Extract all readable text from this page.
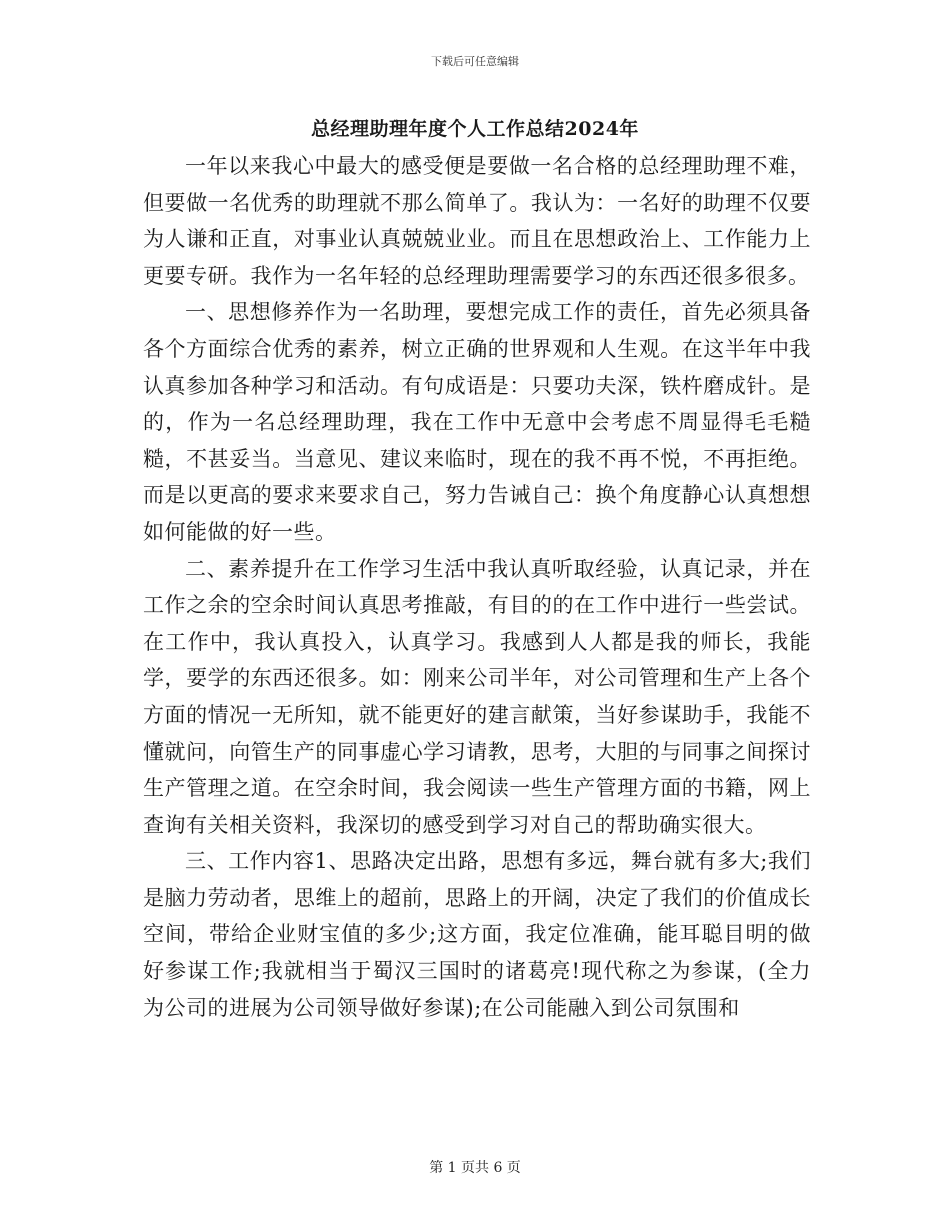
下载后可任意编辑
总经理助理年度个人工作总结2024年

一年以来我心中最大的感受便是要做一名合格的总经理助理不难，但要做一名优秀的助理就不那么简单了。我认为：一名好的助理不仅要为人谦和正直，对事业认真兢兢业业。而且在思想政治上、工作能力上更要专研。我作为一名年轻的总经理助理需要学习的东西还很多很多。

一、思想修养作为一名助理，要想完成工作的责任，首先必须具备各个方面综合优秀的素养，树立正确的世界观和人生观。在这半年中我认真参加各种学习和活动。有句成语是：只要功夫深，铁杵磨成针。是的，作为一名总经理助理，我在工作中无意中会考虑不周显得毛毛糙糙，不甚妥当。当意见、建议来临时，现在的我不再不悦，不再拒绝。而是以更高的要求来要求自己，努力告诫自己：换个角度静心认真想想如何能做的好一些。

二、素养提升在工作学习生活中我认真听取经验，认真记录，并在工作之余的空余时间认真思考推敲，有目的的在工作中进行一些尝试。在工作中，我认真投入，认真学习。我感到人人都是我的师长，我能学，要学的东西还很多。如：刚来公司半年，对公司管理和生产上各个方面的情况一无所知，就不能更好的建言献策，当好参谋助手，我能不懂就问，向管生产的同事虚心学习请教，思考，大胆的与同事之间探讨生产管理之道。在空余时间，我会阅读一些生产管理方面的书籍，网上查询有关相关资料，我深切的感受到学习对自己的帮助确实很大。

三、工作内容1、思路决定出路，思想有多远，舞台就有多大;我们是脑力劳动者，思维上的超前，思路上的开阔，决定了我们的价值成长空间，带给企业财宝值的多少;这方面，我定位准确，能耳聪目明的做好参谋工作;我就相当于蜀汉三国时的诸葛亮!现代称之为参谋，(全力为公司的进展为公司领导做好参谋);在公司能融入到公司氛围和

第 1 页共 6 页
